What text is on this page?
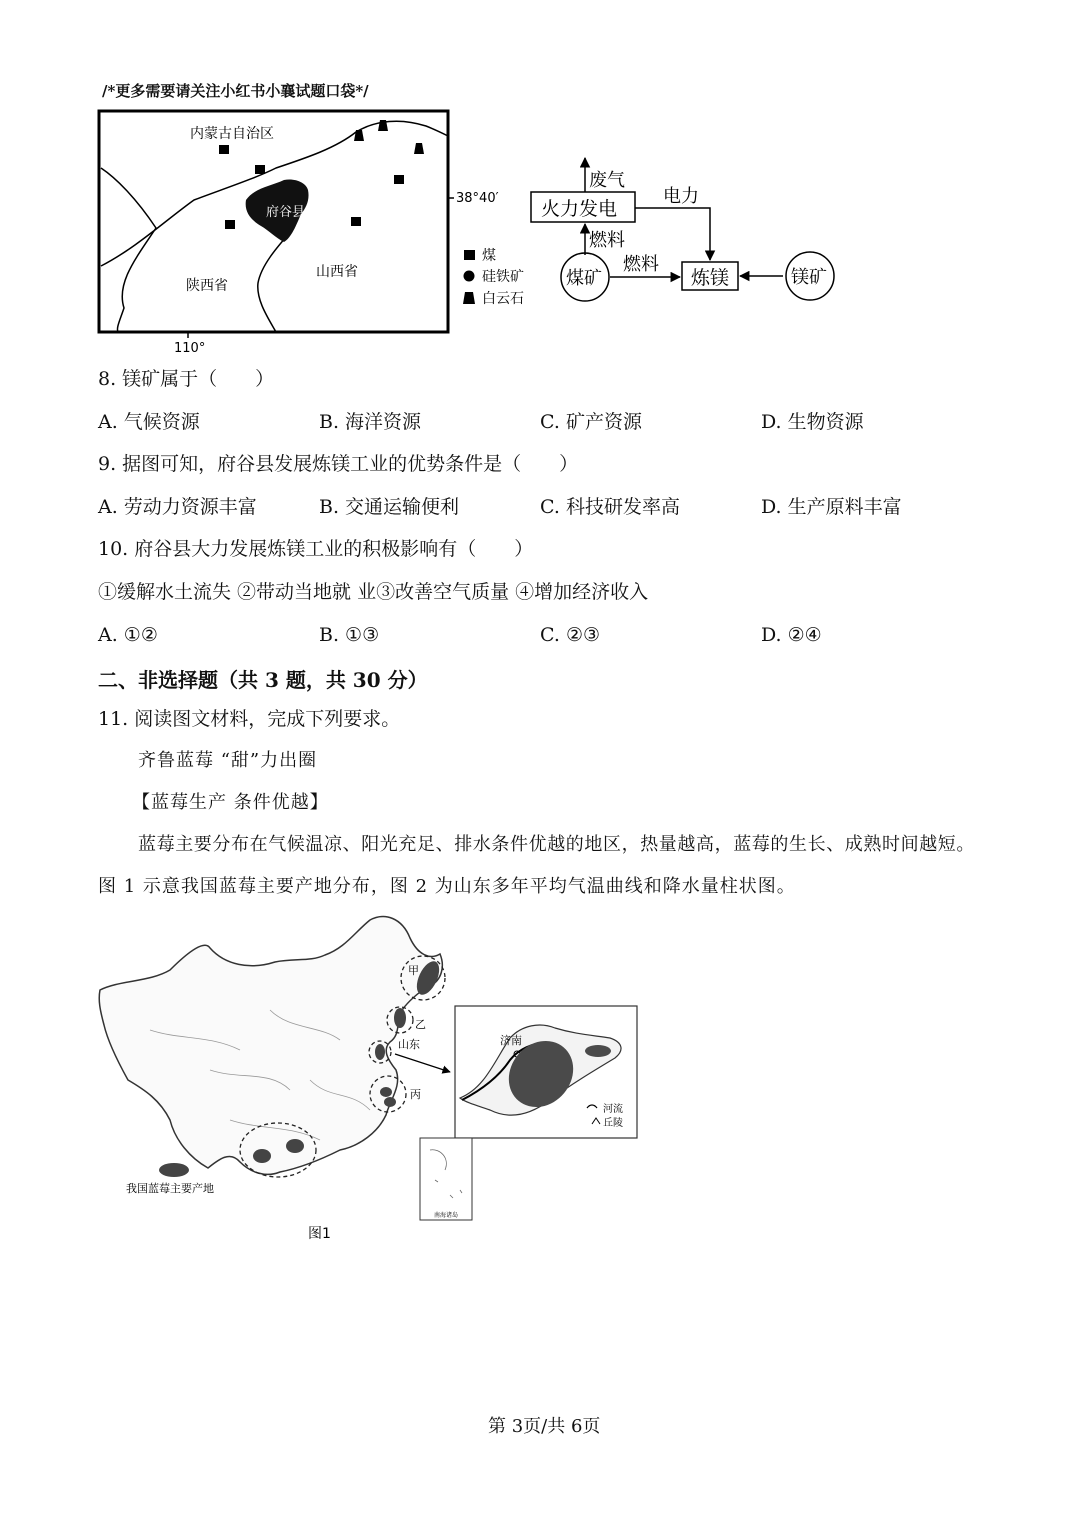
/*更多需要请关注小红书小襄试题口袋*/
府谷县
内蒙古自治区
山西省
陕西省
38°40′
110°
煤
硅铁矿
白云石
火力发电
废气
电力
燃料
煤矿
燃料
炼镁	镁矿
8. 镁矿属于（　　）
A. 气候资源	B. 海洋资源	C. 矿产资源	D. 生物资源
9. 据图可知，府谷县发展炼镁工业的优势条件是（　　）
A. 劳动力资源丰富	B. 交通运输便利	C. 科技研发率高	D. 生产原料丰富
10. 府谷县大力发展炼镁工业的积极影响有（　　）
①缓解水土流失 ②带动当地就 业③改善空气质量 ④增加经济收入
A. ①②	B. ①③	C. ②③	D. ②④
二、非选择题（共 3 题，共 30 分）
11. 阅读图文材料，完成下列要求。
齐鲁蓝莓 “甜”力出圈
【蓝莓生产 条件优越】
蓝莓主要分布在气候温凉、阳光充足、排水条件优越的地区，热量越高，蓝莓的生长、成熟时间越短。
图 1 示意我国蓝莓主要产地分布，图 2 为山东多年平均气温曲线和降水量柱状图。
甲
乙
山东
丙
济南
河流
丘陵
南海诸岛
我国蓝莓主要产地
图1
第 3页/共 6页
